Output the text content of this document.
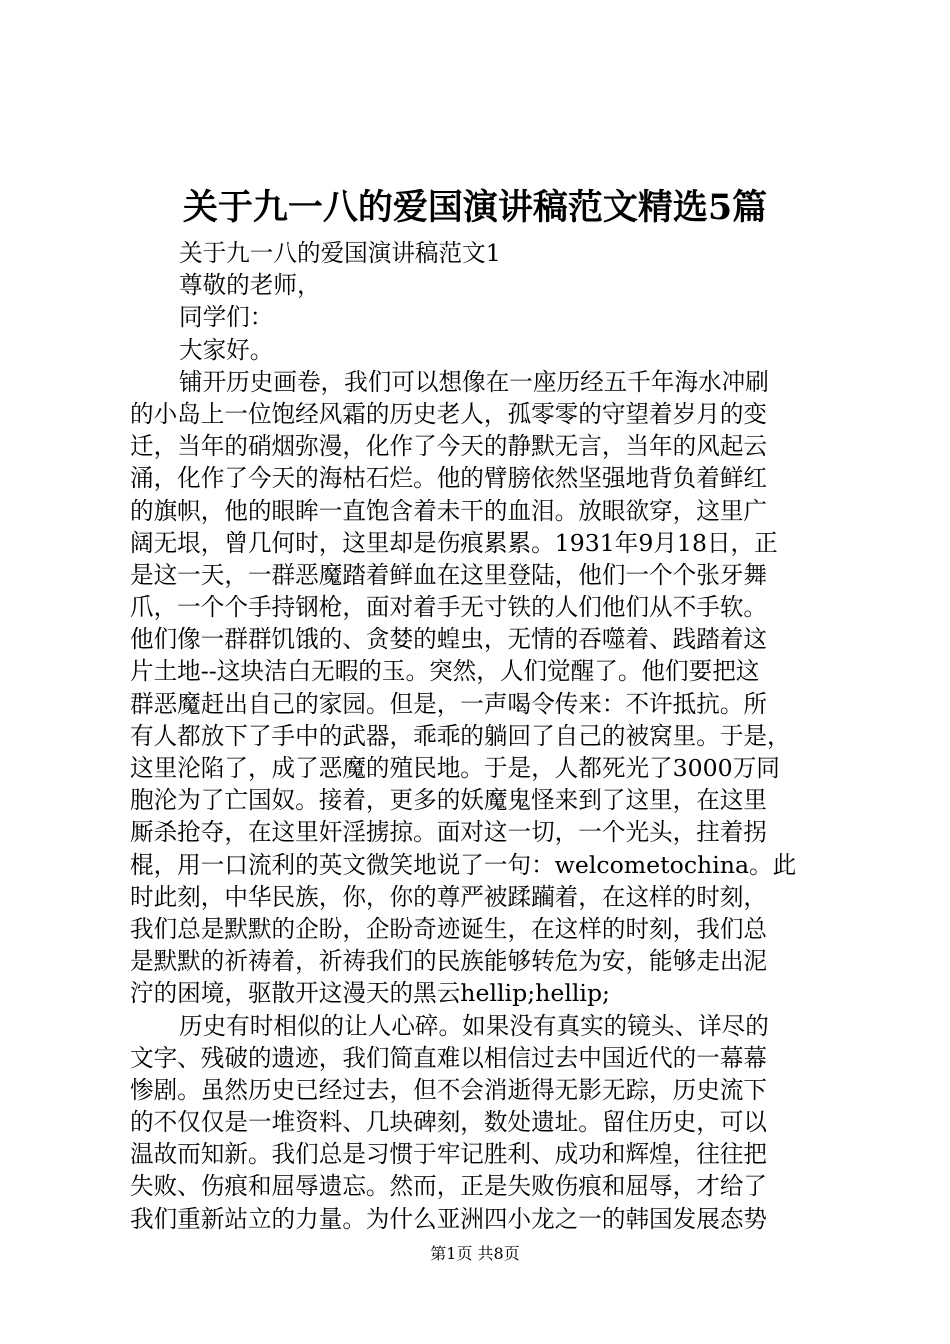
关于九一八的爱国演讲稿范文精选5篇
关于九一八的爱国演讲稿范文1
尊敬的老师，
同学们：
大家好。
铺开历史画卷，我们可以想像在一座历经五千年海水冲刷
的小岛上一位饱经风霜的历史老人，孤零零的守望着岁月的变
迁，当年的硝烟弥漫，化作了今天的静默无言，当年的风起云
涌，化作了今天的海枯石烂。他的臂膀依然坚强地背负着鲜红
的旗帜，他的眼眸一直饱含着未干的血泪。放眼欲穿，这里广
阔无垠，曾几何时，这里却是伤痕累累。1931年9月18日，正
是这一天，一群恶魔踏着鲜血在这里登陆，他们一个个张牙舞
爪，一个个手持钢枪，面对着手无寸铁的人们他们从不手软。
他们像一群群饥饿的、贪婪的蝗虫，无情的吞噬着、践踏着这
片土地--这块洁白无暇的玉。突然，人们觉醒了。他们要把这
群恶魔赶出自己的家园。但是，一声喝令传来：不许抵抗。所
有人都放下了手中的武器，乖乖的躺回了自己的被窝里。于是，
这里沦陷了，成了恶魔的殖民地。于是，人都死光了3000万同
胞沦为了亡国奴。接着，更多的妖魔鬼怪来到了这里，在这里
厮杀抢夺，在这里奸淫掳掠。面对这一切，一个光头，拄着拐
棍，用一口流利的英文微笑地说了一句：welcometochina。此
时此刻，中华民族，你，你的尊严被蹂躏着，在这样的时刻，
我们总是默默的企盼，企盼奇迹诞生，在这样的时刻，我们总
是默默的祈祷着，祈祷我们的民族能够转危为安，能够走出泥
泞的困境，驱散开这漫天的黑云hellip;hellip;
历史有时相似的让人心碎。如果没有真实的镜头、详尽的
文字、残破的遗迹，我们简直难以相信过去中国近代的一幕幕
惨剧。虽然历史已经过去，但不会消逝得无影无踪，历史流下
的不仅仅是一堆资料、几块碑刻，数处遗址。留住历史，可以
温故而知新。我们总是习惯于牢记胜利、成功和辉煌，往往把
失败、伤痕和屈辱遗忘。然而，正是失败伤痕和屈辱，才给了
我们重新站立的力量。为什么亚洲四小龙之一的韩国发展态势
第1页 共8页
